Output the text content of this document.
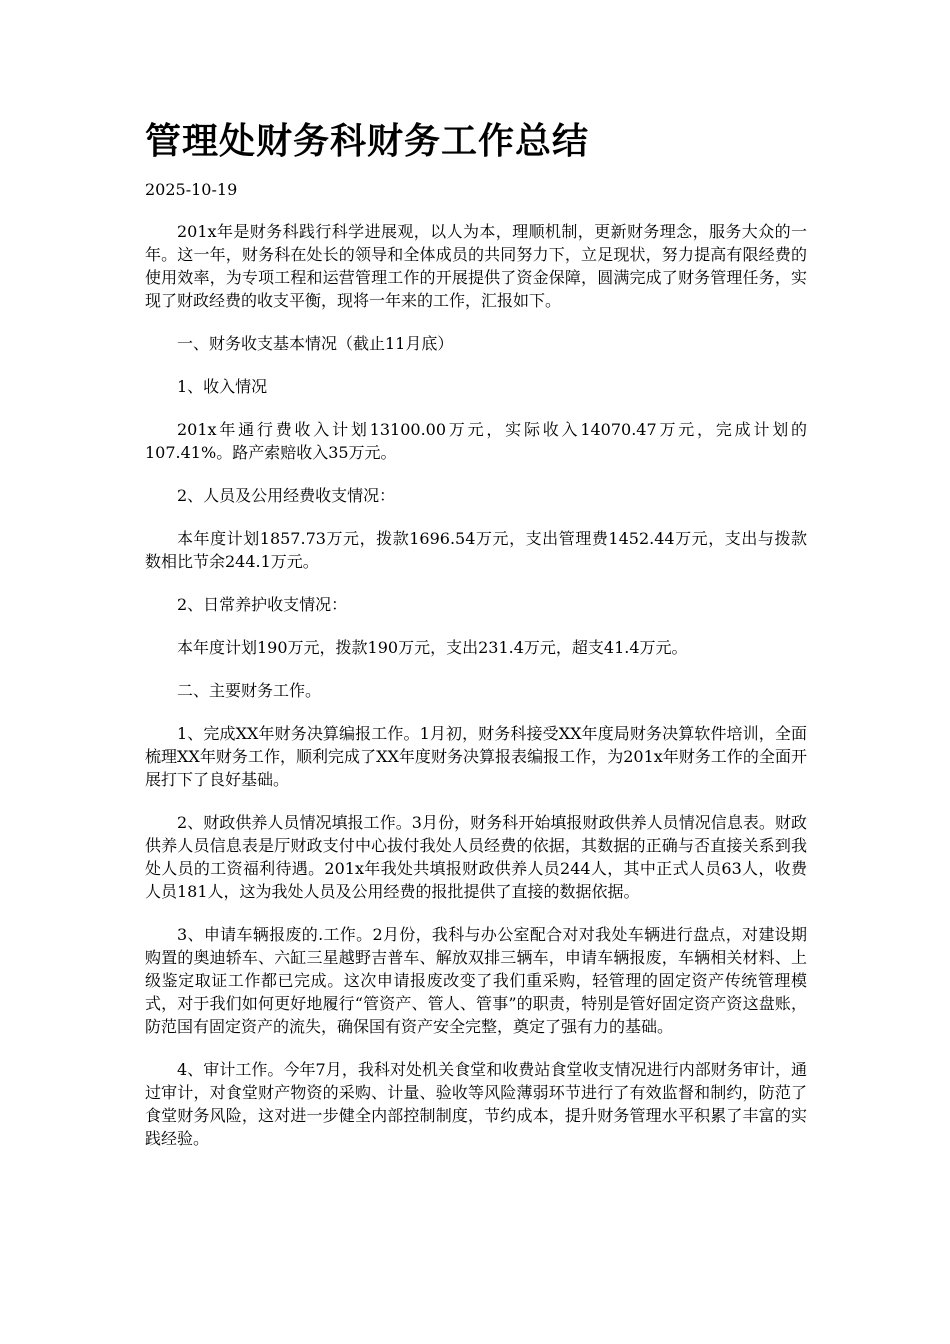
管理处财务科财务工作总结
2025-10-19

201x年是财务科践行科学进展观，以人为本，理顺机制，更新财务理念，服务大众的一年。这一年，财务科在处长的领导和全体成员的共同努力下，立足现状，努力提高有限经费的使用效率，为专项工程和运营管理工作的开展提供了资金保障，圆满完成了财务管理任务，实现了财政经费的收支平衡，现将一年来的工作，汇报如下。

一、财务收支基本情况（截止11月底）

1、收入情况

201x年通行费收入计划13100.00万元，实际收入14070.47万元，完成计划的107.41%。路产索赔收入35万元。

2、人员及公用经费收支情况：

本年度计划1857.73万元，拨款1696.54万元，支出管理费1452.44万元，支出与拨款数相比节余244.1万元。

2、日常养护收支情况：

本年度计划190万元，拨款190万元，支出231.4万元，超支41.4万元。

二、主要财务工作。

1、完成XX年财务决算编报工作。1月初，财务科接受XX年度局财务决算软件培训，全面梳理XX年财务工作，顺利完成了XX年度财务决算报表编报工作，为201x年财务工作的全面开展打下了良好基础。

2、财政供养人员情况填报工作。3月份，财务科开始填报财政供养人员情况信息表。财政供养人员信息表是厅财政支付中心拔付我处人员经费的依据，其数据的正确与否直接关系到我处人员的工资福利待遇。201x年我处共填报财政供养人员244人，其中正式人员63人，收费人员181人，这为我处人员及公用经费的报批提供了直接的数据依据。

3、申请车辆报废的.工作。2月份，我科与办公室配合对对我处车辆进行盘点，对建设期购置的奥迪轿车、六缸三星越野吉普车、解放双排三辆车，申请车辆报废，车辆相关材料、上级鉴定取证工作都已完成。这次申请报废改变了我们重采购，轻管理的固定资产传统管理模式，对于我们如何更好地履行“管资产、管人、管事”的职责，特别是管好固定资产资这盘账，防范国有固定资产的流失，确保国有资产安全完整，奠定了强有力的基础。

4、审计工作。今年7月，我科对处机关食堂和收费站食堂收支情况进行内部财务审计，通过审计，对食堂财产物资的采购、计量、验收等风险薄弱环节进行了有效监督和制约，防范了食堂财务风险，这对进一步健全内部控制制度，节约成本，提升财务管理水平积累了丰富的实践经验。
